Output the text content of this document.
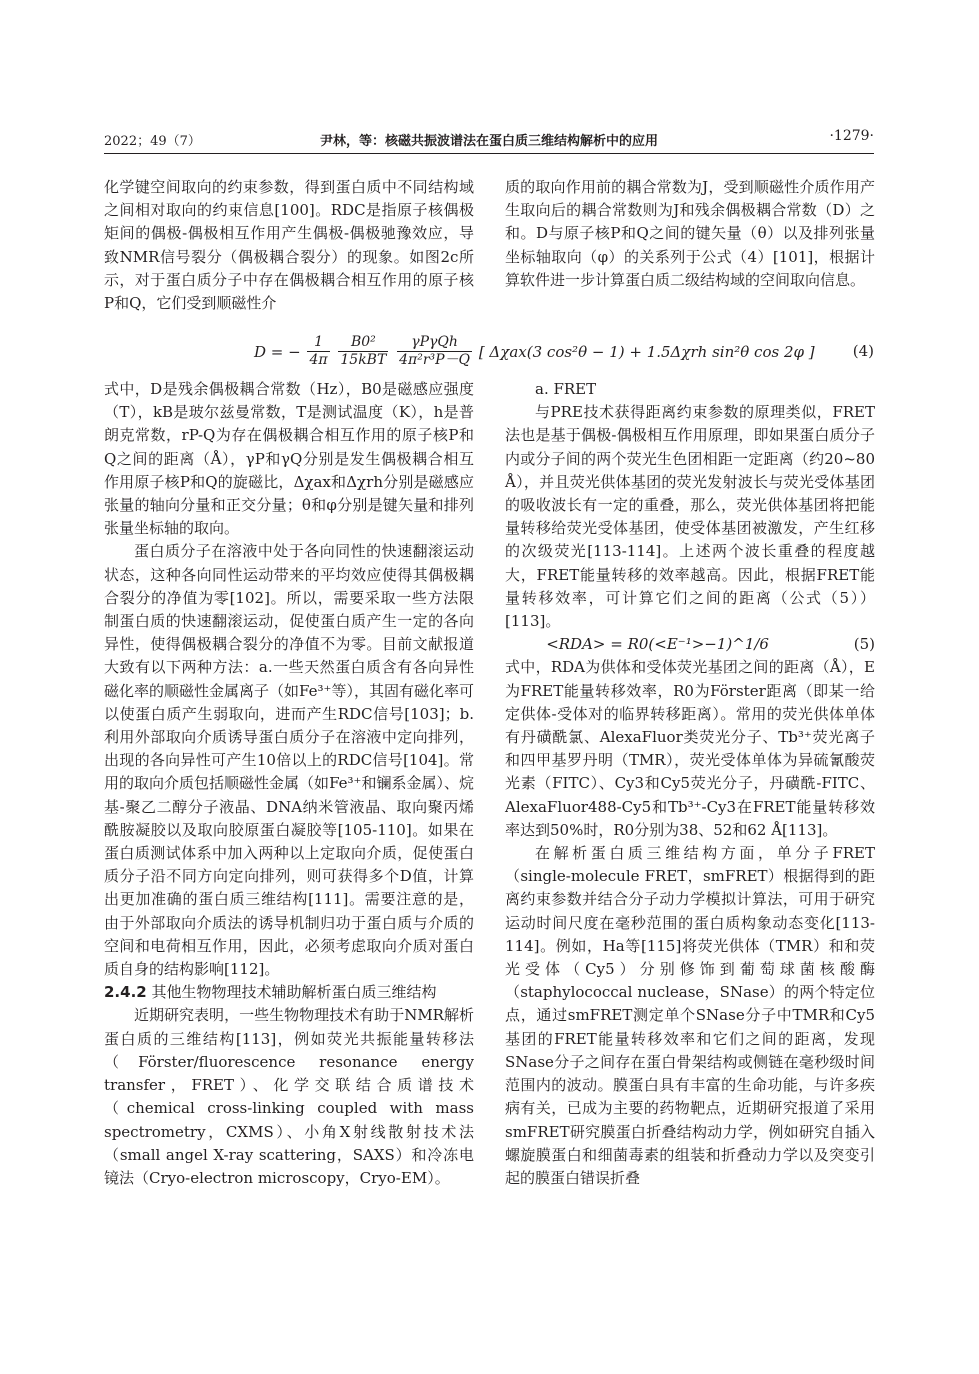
2022；49（7）	尹林，等：核磁共振波谱法在蛋白质三维结构解析中的应用	·1279·

化学键空间取向的约束参数，得到蛋白质中不同结构域之间相对取向的约束信息[100]。RDC是指原子核偶极矩间的偶极-偶极相互作用产生偶极-偶极驰豫效应，导致NMR信号裂分（偶极耦合裂分）的现象。如图2c所示，对于蛋白质分子中存在偶极耦合相互作用的原子核P和Q，它们受到顺磁性介

质的取向作用前的耦合常数为J，受到顺磁性介质作用产生取向后的耦合常数则为J和残余偶极耦合常数（D）之和。D与原子核P和Q之间的键矢量（θ）以及排列张量坐标轴取向（φ）的关系列于公式（4）[101]，根据计算软件进一步计算蛋白质二级结构域的空间取向信息。

D = − $\frac{1}{4\pi}$
$\frac{\text{B0²}}{\text{15kBT}}$
$\frac{\text{γPγQh}}{\text{4π²r³P－Q}}$ [ Δχax(3 cos²θ − 1) + 1.5Δχrh sin²θ cos 2φ ]	(4)

式中，D是残余偶极耦合常数（Hz），B0是磁感应强度（T），kB是玻尔兹曼常数，T是测试温度（K），h是普朗克常数，rP-Q为存在偶极耦合相互作用的原子核P和Q之间的距离（Å），γP和γQ分别是发生偶极耦合相互作用原子核P和Q的旋磁比，Δχax和Δχrh分别是磁感应张量的轴向分量和正交分量；θ和φ分别是键矢量和排列张量坐标轴的取向。

蛋白质分子在溶液中处于各向同性的快速翻滚运动状态，这种各向同性运动带来的平均效应使得其偶极耦合裂分的净值为零[102]。所以，需要采取一些方法限制蛋白质的快速翻滚运动，促使蛋白质产生一定的各向异性，使得偶极耦合裂分的净值不为零。目前文献报道大致有以下两种方法：a.一些天然蛋白质含有各向异性磁化率的顺磁性金属离子（如Fe³⁺等），其固有磁化率可以使蛋白质产生弱取向，进而产生RDC信号[103]；b.利用外部取向介质诱导蛋白质分子在溶液中定向排列，出现的各向异性可产生10倍以上的RDC信号[104]。常用的取向介质包括顺磁性金属（如Fe³⁺和镧系金属）、烷基-聚乙二醇分子液晶、DNA纳米管液晶、取向聚丙烯酰胺凝胶以及取向胶原蛋白凝胶等[105-110]。如果在蛋白质测试体系中加入两种以上定取向介质，促使蛋白质分子沿不同方向定向排列，则可获得多个D值，计算出更加准确的蛋白质三维结构[111]。需要注意的是，由于外部取向介质法的诱导机制归功于蛋白质与介质的空间和电荷相互作用，因此，必须考虑取向介质对蛋白质自身的结构影响[112]。

2.4.2 其他生物物理技术辅助解析蛋白质三维结构

近期研究表明，一些生物物理技术有助于NMR解析蛋白质的三维结构[113]，例如荧光共振能量转移法（Förster/fluorescence resonance energy transfer，FRET）、化学交联结合质谱技术（chemical cross-linking coupled with mass spectrometry，CXMS）、小角X射线散射技术法（small angel X-ray scattering，SAXS）和冷冻电镜法（Cryo-electron microscopy，Cryo-EM）。

a. FRET

与PRE技术获得距离约束参数的原理类似，FRET法也是基于偶极-偶极相互作用原理，即如果蛋白质分子内或分子间的两个荧光生色团相距一定距离（约20~80 Å），并且荧光供体基团的荧光发射波长与荧光受体基团的吸收波长有一定的重叠，那么，荧光供体基团将把能量转移给荧光受体基团，使受体基团被激发，产生红移的次级荧光[113-114]。上述两个波长重叠的程度越大，FRET能量转移的效率越高。因此，根据FRET能量转移效率，可计算它们之间的距离（公式（5））[113]。

<RDA> = R0(<E⁻¹>−1)^1/6	(5)

式中，RDA为供体和受体荧光基团之间的距离（Å），E为FRET能量转移效率，R0为Förster距离（即某一给定供体-受体对的临界转移距离）。常用的荧光供体单体有丹磺酰氯、AlexaFluor类荧光分子、Tb³⁺荧光离子和四甲基罗丹明（TMR），荧光受体单体为异硫氰酸荧光素（FITC）、Cy3和Cy5荧光分子，丹磺酰-FITC、AlexaFluor488-Cy5和Tb³⁺-Cy3在FRET能量转移效率达到50%时，R0分别为38、52和62 Å[113]。

在解析蛋白质三维结构方面，单分子FRET（single-molecule FRET，smFRET）根据得到的距离约束参数并结合分子动力学模拟计算法，可用于研究运动时间尺度在毫秒范围的蛋白质构象动态变化[113-114]。例如，Ha等[115]将荧光供体（TMR）和和荧光受体（Cy5）分别修饰到葡萄球菌核酸酶（staphylococcal nuclease，SNase）的两个特定位点，通过smFRET测定单个SNase分子中TMR和Cy5基团的FRET能量转移效率和它们之间的距离，发现SNase分子之间存在蛋白骨架结构或侧链在毫秒级时间范围内的波动。膜蛋白具有丰富的生命功能，与许多疾病有关，已成为主要的药物靶点，近期研究报道了采用smFRET研究膜蛋白折叠结构动力学，例如研究自插入螺旋膜蛋白和细菌毒素的组装和折叠动力学以及突变引起的膜蛋白错误折叠
